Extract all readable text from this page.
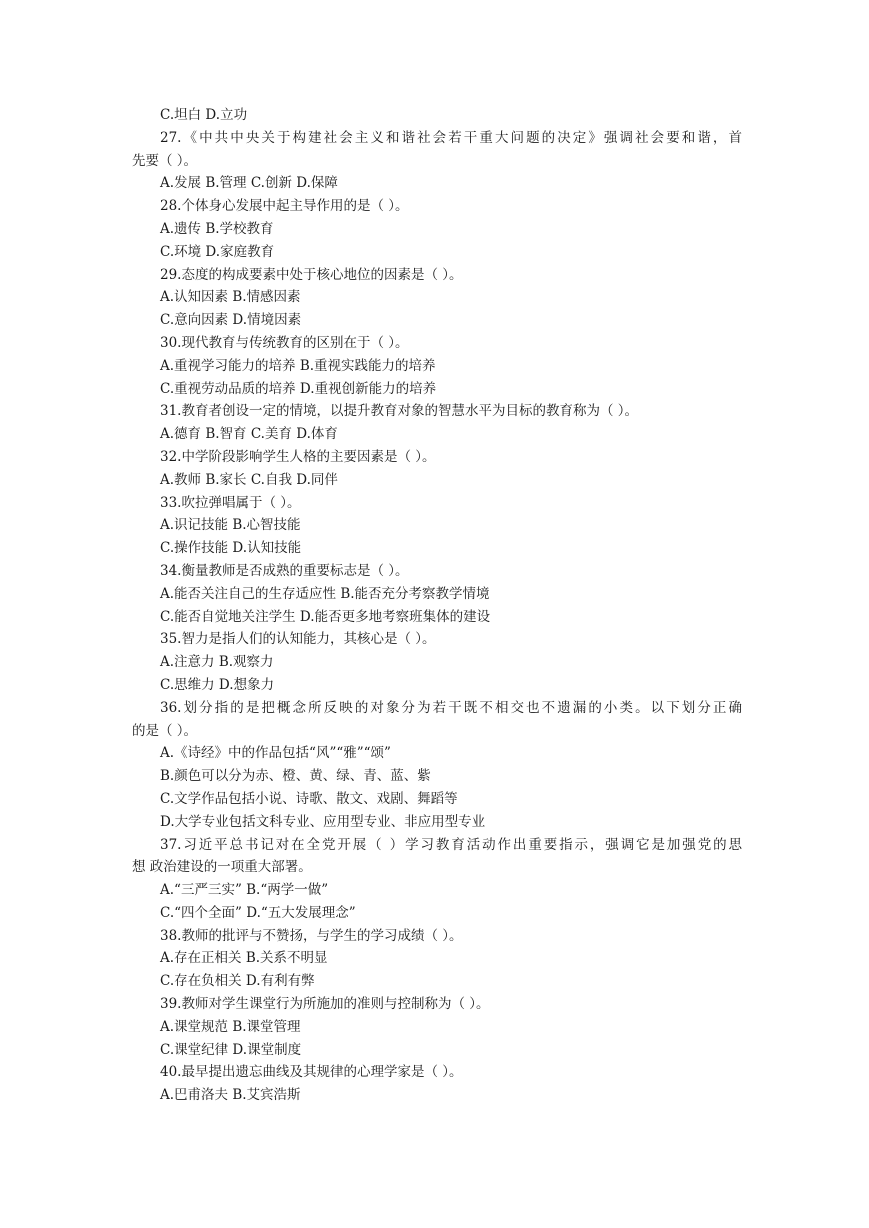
C.坦白 D.立功
27.《中共中央关于构建社会主义和谐社会若干重大问题的决定》强调社会要和谐，首
先要（ ）。
A.发展 B.管理 C.创新 D.保障
28.个体身心发展中起主导作用的是（ ）。
A.遗传 B.学校教育
C.环境 D.家庭教育
29.态度的构成要素中处于核心地位的因素是（ ）。
A.认知因素 B.情感因素
C.意向因素 D.情境因素
30.现代教育与传统教育的区别在于（ ）。
A.重视学习能力的培养 B.重视实践能力的培养
C.重视劳动品质的培养 D.重视创新能力的培养
31.教育者创设一定的情境，以提升教育对象的智慧水平为目标的教育称为（ ）。
A.德育 B.智育 C.美育 D.体育
32.中学阶段影响学生人格的主要因素是（ ）。
A.教师 B.家长 C.自我 D.同伴
33.吹拉弹唱属于（ ）。
A.识记技能 B.心智技能
C.操作技能 D.认知技能
34.衡量教师是否成熟的重要标志是（ ）。
A.能否关注自己的生存适应性 B.能否充分考察教学情境
C.能否自觉地关注学生 D.能否更多地考察班集体的建设
35.智力是指人们的认知能力，其核心是（ ）。
A.注意力 B.观察力
C.思维力 D.想象力
36.划分指的是把概念所反映的对象分为若干既不相交也不遗漏的小类。以下划分正确
的是（ ）。
A.《诗经》中的作品包括“风”“雅”“颂”
B.颜色可以分为赤、橙、黄、绿、青、蓝、紫
C.文学作品包括小说、诗歌、散文、戏剧、舞蹈等
D.大学专业包括文科专业、应用型专业、非应用型专业
37.习近平总书记对在全党开展（ ）学习教育活动作出重要指示，强调它是加强党的思
想 政治建设的一项重大部署。
A.“三严三实” B.“两学一做”
C.“四个全面” D.“五大发展理念”
38.教师的批评与不赞扬，与学生的学习成绩（ ）。
A.存在正相关 B.关系不明显
C.存在负相关 D.有利有弊
39.教师对学生课堂行为所施加的准则与控制称为（ ）。
A.课堂规范 B.课堂管理
C.课堂纪律 D.课堂制度
40.最早提出遗忘曲线及其规律的心理学家是（ ）。
A.巴甫洛夫 B.艾宾浩斯
